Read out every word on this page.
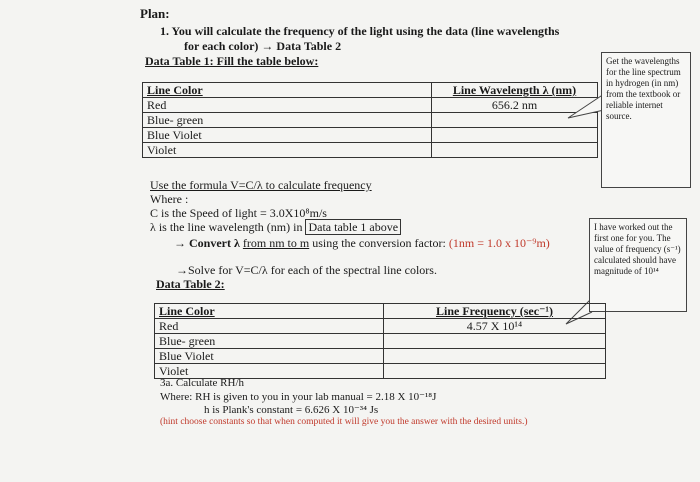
Plan:
1. You will calculate the frequency of the light using the data (line wavelengths
for each color) → Data Table 2
Data Table 1: Fill the table below:
Line Color	Line Wavelength λ (nm)
Red	656.2 nm
Blue- green	
Blue Violet	
Violet	
Get the wavelengths for the line spectrum in hydrogen (in nm) from the textbook or reliable internet source.
Use the formula V=C/λ to calculate frequency
Where :
C is the Speed of light = 3.0X10⁸m/s
λ is the line wavelength (nm) in Data table 1 above
→ Convert λ from nm to m using the conversion factor: (1nm = 1.0 x 10⁻⁹m)
→Solve for V=C/λ for each of the spectral line colors.
Data Table 2:
I have worked out the first one for you. The value of frequency (s⁻¹) calculated should have magnitude of 10¹⁴
Line Color	Line Frequency (sec⁻¹)
Red	4.57 X 10¹⁴
Blue- green	
Blue Violet	
Violet	
3a. Calculate RH/h
Where: RH is given to you in your lab manual = 2.18 X 10⁻¹⁸J
h is Plank's constant = 6.626 X 10⁻³⁴ Js
(hint choose constants so that when computed it will give you the answer with the desired units.)
